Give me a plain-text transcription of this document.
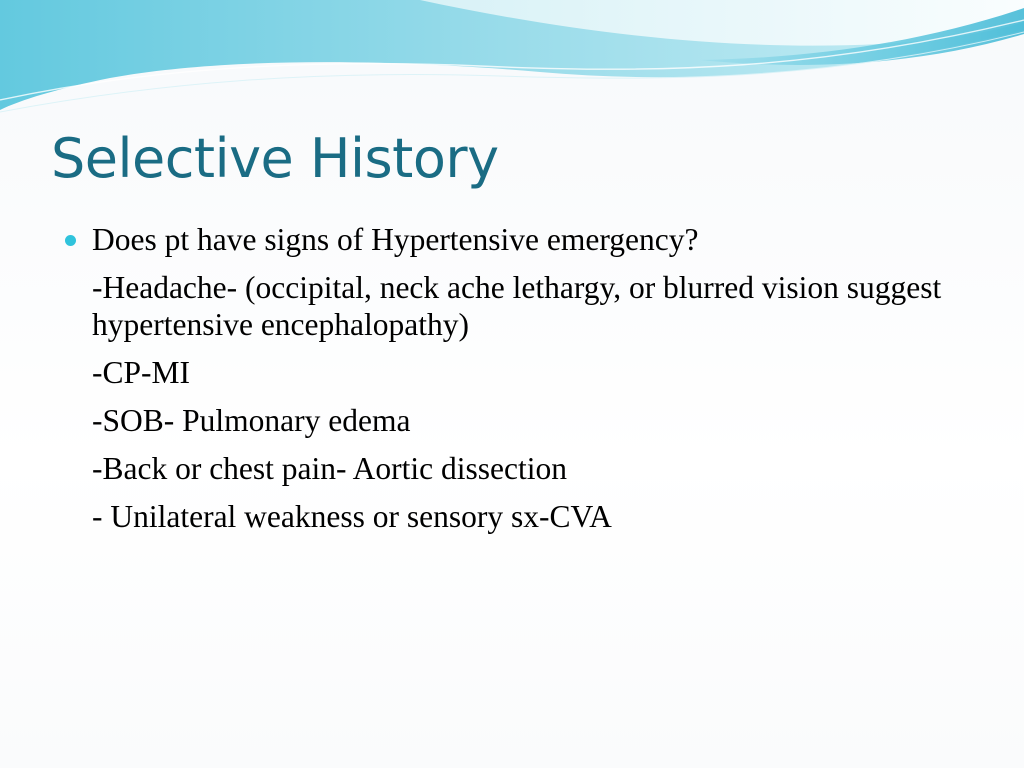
Selective History

Does pt have signs of Hypertensive emergency?

-Headache- (occipital, neck ache lethargy, or blurred vision suggest hypertensive encephalopathy)

-CP-MI

-SOB- Pulmonary edema

-Back or chest pain- Aortic dissection

- Unilateral weakness or sensory sx-CVA
